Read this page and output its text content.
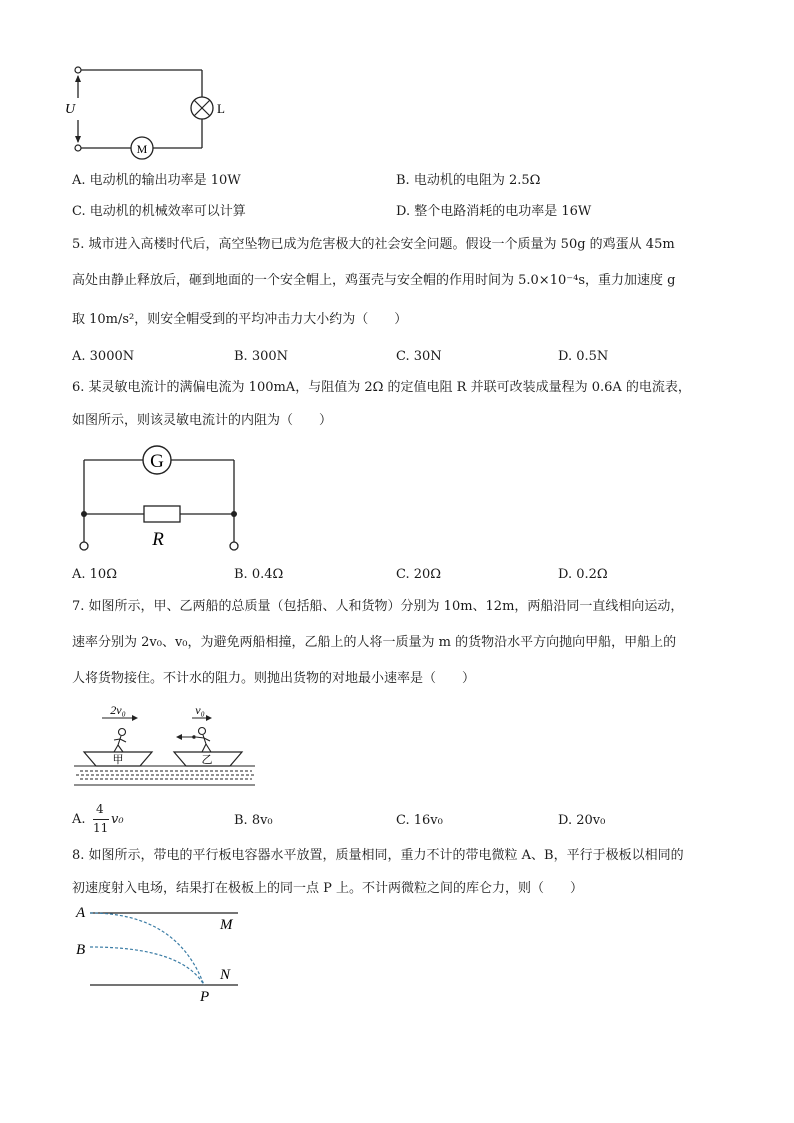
U	L
M
A. 电动机的输出功率是 10W	B. 电动机的电阻为 2.5Ω
C. 电动机的机械效率可以计算	D. 整个电路消耗的电功率是 16W
5. 城市进入高楼时代后，高空坠物已成为危害极大的社会安全问题。假设一个质量为 50g 的鸡蛋从 45m
高处由静止释放后，砸到地面的一个安全帽上，鸡蛋壳与安全帽的作用时间为 5.0×10⁻⁴s，重力加速度 g
取 10m/s²，则安全帽受到的平均冲击力大小约为（　　）
A. 3000N	B. 300N	C. 30N	D. 0.5N
6. 某灵敏电流计的满偏电流为 100mA，与阻值为 2Ω 的定值电阻 R 并联可改装成量程为 0.6A 的电流表，
如图所示，则该灵敏电流计的内阻为（　　）
G
R
A. 10Ω	B. 0.4Ω	C. 20Ω	D. 0.2Ω
7. 如图所示，甲、乙两船的总质量（包括船、人和货物）分别为 10m、12m，两船沿同一直线相向运动，
速率分别为 2v₀、v₀，为避免两船相撞，乙船上的人将一质量为 m 的货物沿水平方向抛向甲船，甲船上的
人将货物接住。不计水的阻力。则抛出货物的对地最小速率是（　　）
2v₀	v₀
甲	乙
A.
4
11
v₀	B. 8v₀	C. 16v₀	D. 20v₀
8. 如图所示，带电的平行板电容器水平放置，质量相同，重力不计的带电微粒 A、B，平行于极板以相同的
初速度射入电场，结果打在极板上的同一点 P 上。不计两微粒之间的库仑力，则（　　）
A
B
M
N
P
